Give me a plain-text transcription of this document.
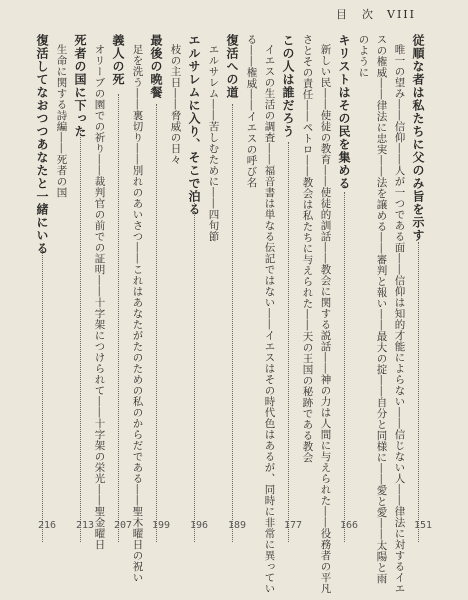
目　次 VIII
従順な者は私たちに父のみ旨を示す
唯一の望み――信仰――人が一つである面――信仰は知的才能によらない――信じない人――律法に対するイエ
スの権威――律法に忠実――法を譲める――審判と報い――最大の掟――自分と同様に――愛と愛――太陽と雨
のように
キリストはその民を集める
新しい民――使徒の教育――使徒的訓話――教会に関する説話――神の力は人間に与えられた――役務者の平凡
さとその責任――ペトロ――教会は私たちに与えられた――天の王国の秘跡である教会
この人は誰だろう
イエスの生活の調査――福音書は単なる伝記ではない――イエスはその時代色はあるが、同時に非常に異ってい
る――権威――イエスの呼び名
復活への道
エルサレム――苦しむために――四旬節
エルサレムに入り、そこで泊る
枝の主日――脅威の日々
最後の晩餐
足を洗う――裏切り――別れのあいさつ――これはあなたがたのための私のからだである――聖木曜日の祝い
義人の死
オリーブの園での祈り――裁判官の前での証明――十字架につけられて――十字架の栄光――聖金曜日
死者の国に下った
生命に関する詩編――死者の国
復活してなおつつあなたと一緒にいる
151
166
177
189
196
199
207
213
216
